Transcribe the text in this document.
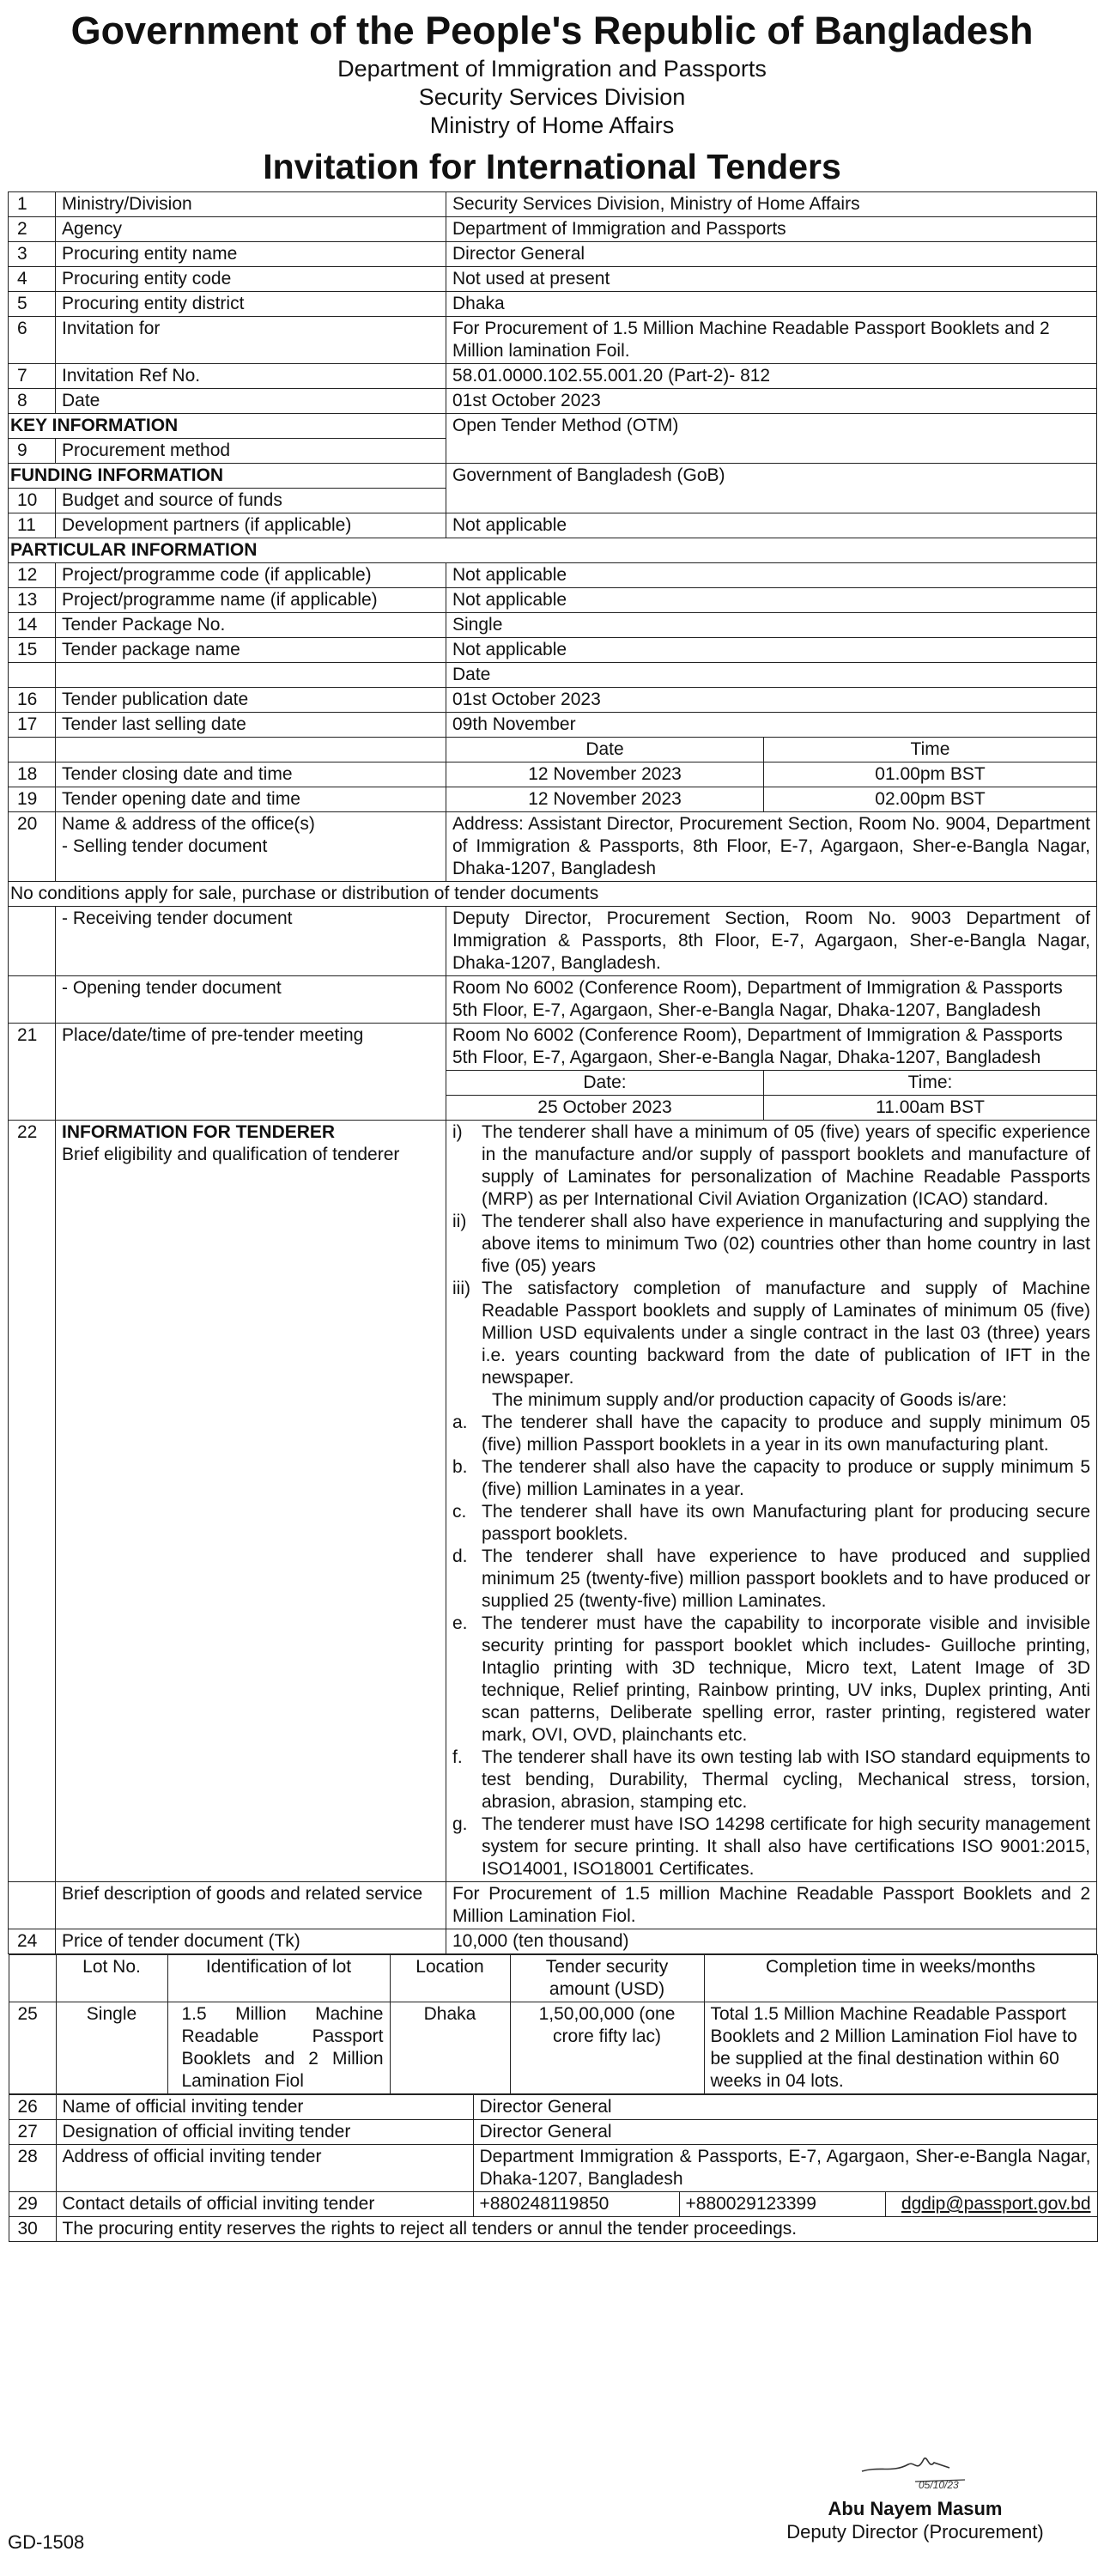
Government of the People's Republic of Bangladesh
Department of Immigration and Passports
Security Services Division
Ministry of Home Affairs
Invitation for International Tenders
1	Ministry/Division	Security Services Division, Ministry of Home Affairs
2	Agency	Department of Immigration and Passports
3	Procuring entity name	Director General
4	Procuring entity code	Not used at present
5	Procuring entity district	Dhaka
6	Invitation for	For Procurement of 1.5 Million Machine Readable Passport Booklets and 2 Million lamination Foil.
7	Invitation Ref No.	58.01.0000.102.55.001.20 (Part-2)- 812
8	Date	01st October 2023
KEY INFORMATION	Open Tender Method (OTM)
9	Procurement method
FUNDING INFORMATION	Government of Bangladesh (GoB)
10	Budget and source of funds
11	Development partners (if applicable)	Not applicable
PARTICULAR INFORMATION
12	Project/programme code (if applicable)	Not applicable
13	Project/programme name (if applicable)	Not applicable
14	Tender Package No.	Single
15	Tender package name	Not applicable
		Date
16	Tender publication date	01st October 2023
17	Tender last selling date	09th November
		Date	Time
18	Tender closing date and time	12 November 2023	01.00pm BST
19	Tender opening date and time	12 November 2023	02.00pm BST
20	Name & address of the office(s)
- Selling tender document
	Address: Assistant Director, Procurement Section, Room No. 9004, Department of Immigration & Passports, 8th Floor, E-7, Agargaon, Sher-e-Bangla Nagar, Dhaka-1207, Bangladesh
No conditions apply for sale, purchase or distribution of tender documents
	- Receiving tender document	Deputy Director, Procurement Section, Room No. 9003 Department of Immigration & Passports, 8th Floor, E-7, Agargaon, Sher-e-Bangla Nagar, Dhaka-1207, Bangladesh.
	- Opening tender document	Room No 6002 (Conference Room), Department of Immigration & Passports 5th Floor, E-7, Agargaon, Sher-e-Bangla Nagar, Dhaka-1207, Bangladesh
21	Place/date/time of pre-tender meeting	Room No 6002 (Conference Room), Department of Immigration & Passports 5th Floor, E-7, Agargaon, Sher-e-Bangla Nagar, Dhaka-1207, Bangladesh
Date:	Time:
25 October 2023	11.00am BST
22	INFORMATION FOR TENDERER
Brief eligibility and qualification of tenderer

i)	The tenderer shall have a minimum of 05 (five) years of specific experience in the manufacture and/or supply of passport booklets and manufacture of supply of Laminates for personalization of Machine Readable Passports (MRP) as per International Civil Aviation Organization (ICAO) standard.
ii) The tenderer shall also have experience in manufacturing and supplying the above items to minimum Two (02) countries other than home country in last five (05) years
iii) The satisfactory completion of manufacture and supply of Machine Readable Passport booklets and supply of Laminates of minimum 05 (five) Million USD equivalents under a single contract in the last 03 (three) years i.e. years counting backward from the date of publication of IFT in the newspaper.
The minimum supply and/or production capacity of Goods is/are:
a. The tenderer shall have the capacity to produce and supply minimum 05 (five) million Passport booklets in a year in its own manufacturing plant.
b. The tenderer shall also have the capacity to produce or supply minimum 5 (five) million Laminates in a year.
c. The tenderer shall have its own Manufacturing plant for producing secure passport booklets.
d. The tenderer shall have experience to have produced and supplied minimum 25 (twenty-five) million passport booklets and to have produced or supplied 25 (twenty-five) million Laminates.
e. The tenderer must have the capability to incorporate visible and invisible security printing for passport booklet which includes- Guilloche printing, Intaglio printing with 3D technique, Micro text, Latent Image of 3D technique, Relief printing, Rainbow printing, UV inks, Duplex printing, Anti scan patterns, Deliberate spelling error, raster printing, registered water mark, OVI, OVD, plainchants etc.
f.	The tenderer shall have its own testing lab with ISO standard equipments to test bending, Durability, Thermal cycling, Mechanical stress, torsion, abrasion, abrasion, stamping etc.
g. The tenderer must have ISO 14298 certificate for high security management system for secure printing. It shall also have certifications ISO 9001:2015, ISO14001, ISO18001 Certificates.

	Brief description of goods and related service	For Procurement of 1.5 million Machine Readable Passport Booklets and 2 Million Lamination Fiol.
24	Price of tender document (Tk)	10,000 (ten thousand)

	Lot No.	Identification of lot	Location	Tender security amount (USD)	Completion time in weeks/months
25	Single	1.5 Million Machine Readable Passport Booklets and 2 Million Lamination Fiol	Dhaka	1,50,00,000 (one crore fifty lac)	Total 1.5 Million Machine Readable Passport Booklets and 2 Million Lamination Fiol have to be supplied at the final destination within 60 weeks in 04 lots.

26	Name of official inviting tender	Director General
27	Designation of official inviting tender	Director General
28	Address of official inviting tender	Department Immigration & Passports, E-7, Agargaon, Sher-e-Bangla Nagar, Dhaka-1207, Bangladesh
29	Contact details of official inviting tender	+880248119850	+880029123399	dgdip@passport.gov.bd
30	The procuring entity reserves the rights to reject all tenders or annul the tender proceedings.
05/10/23
Abu Nayem Masum
Deputy Director (Procurement)
GD-1508
